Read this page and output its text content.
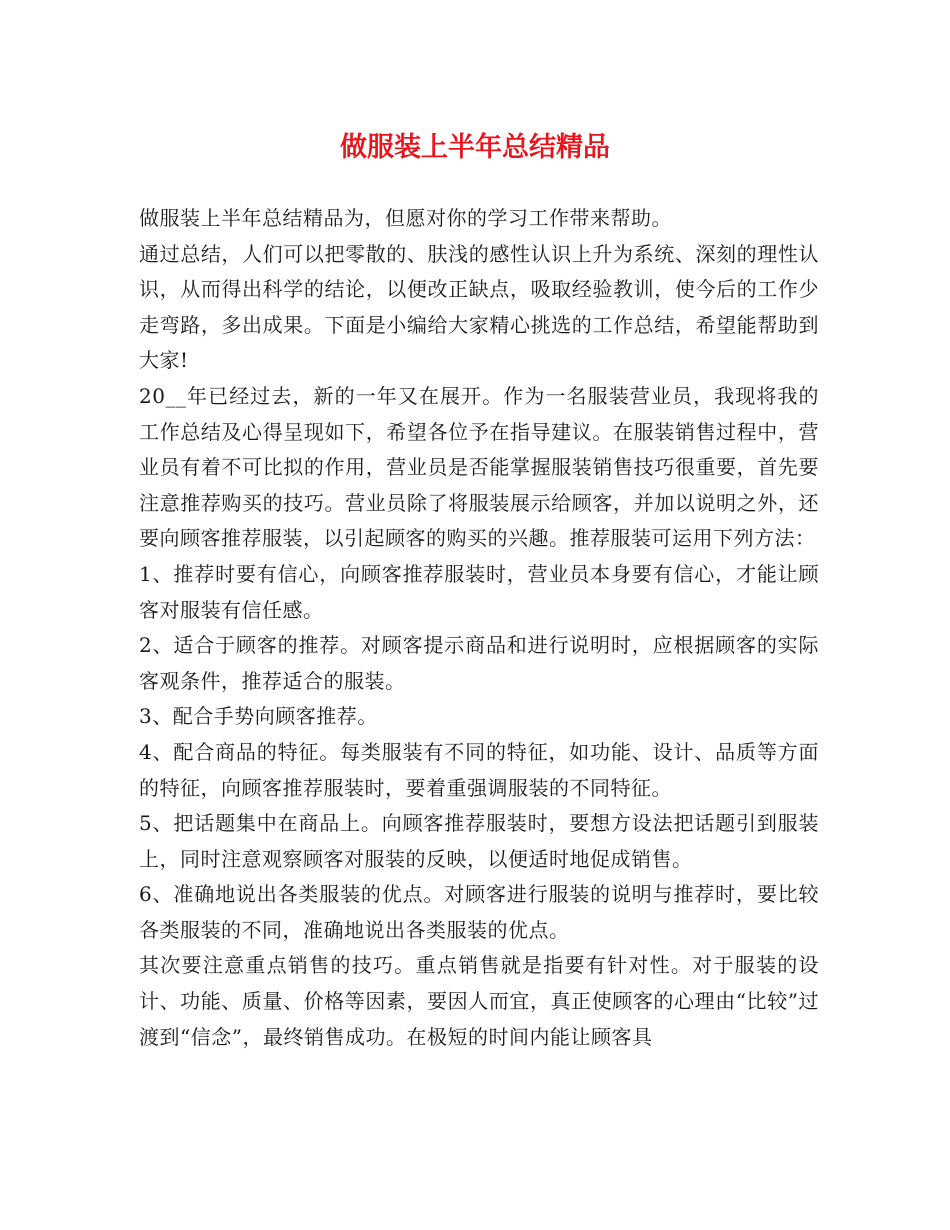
做服装上半年总结精品

做服装上半年总结精品为，但愿对你的学习工作带来帮助。

通过总结，人们可以把零散的、肤浅的感性认识上升为系统、深刻的理性认识，从而得出科学的结论，以便改正缺点，吸取经验教训，使今后的工作少走弯路，多出成果。下面是小编给大家精心挑选的工作总结，希望能帮助到大家!

20__年已经过去，新的一年又在展开。作为一名服装营业员，我现将我的工作总结及心得呈现如下，希望各位予在指导建议。在服装销售过程中，营业员有着不可比拟的作用，营业员是否能掌握服装销售技巧很重要，首先要注意推荐购买的技巧。营业员除了将服装展示给顾客，并加以说明之外，还要向顾客推荐服装，以引起顾客的购买的兴趣。推荐服装可运用下列方法：

1、推荐时要有信心，向顾客推荐服装时，营业员本身要有信心，才能让顾客对服装有信任感。

2、适合于顾客的推荐。对顾客提示商品和进行说明时，应根据顾客的实际客观条件，推荐适合的服装。

3、配合手势向顾客推荐。

4、配合商品的特征。每类服装有不同的特征，如功能、设计、品质等方面的特征，向顾客推荐服装时，要着重强调服装的不同特征。

5、把话题集中在商品上。向顾客推荐服装时，要想方设法把话题引到服装上，同时注意观察顾客对服装的反映，以便适时地促成销售。

6、准确地说出各类服装的优点。对顾客进行服装的说明与推荐时，要比较各类服装的不同，准确地说出各类服装的优点。

其次要注意重点销售的技巧。重点销售就是指要有针对性。对于服装的设计、功能、质量、价格等因素，要因人而宜，真正使顾客的心理由“比较”过渡到“信念”，最终销售成功。在极短的时间内能让顾客具
